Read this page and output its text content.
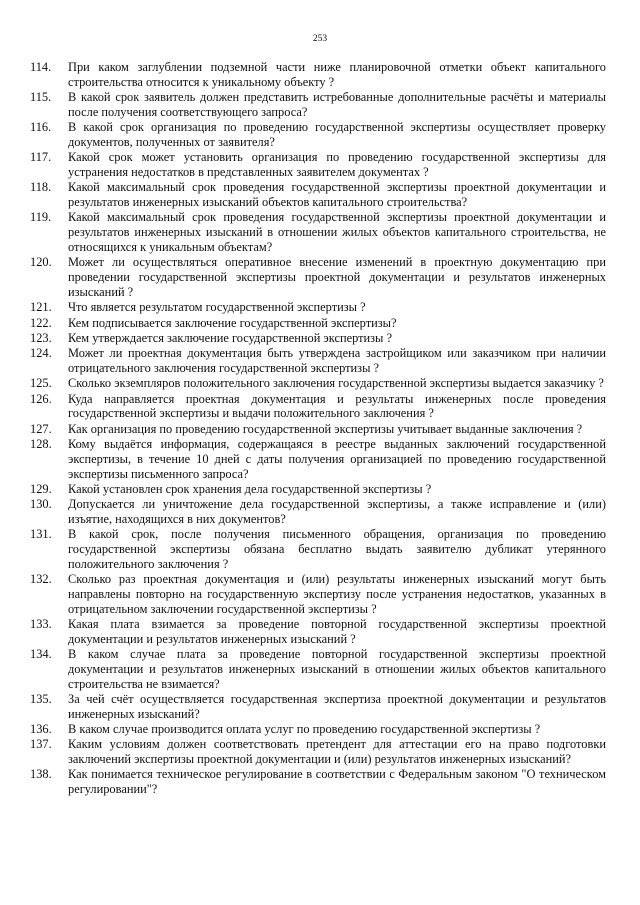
253
114.	При каком заглублении подземной части ниже планировочной отметки объект капитального строительства относится к уникальному объекту ?
115.	В какой срок заявитель должен представить истребованные дополнительные расчёты и материалы после получения соответствующего запроса?
116.	В какой срок организация по проведению государственной экспертизы осуществляет проверку документов, полученных от заявителя?
117.	Какой срок может установить организация по проведению государственной экспертизы для устранения недостатков в представленных заявителем документах ?
118.	Какой максимальный срок проведения государственной экспертизы проектной документации и результатов инженерных изысканий объектов капитального строительства?
119.	Какой максимальный срок проведения государственной экспертизы проектной документации и результатов инженерных изысканий в отношении жилых объектов капитального строительства, не относящихся к уникальным объектам?
120.	Может ли осуществляться оперативное внесение изменений в проектную документацию при проведении государственной экспертизы проектной документации и результатов инженерных изысканий ?
121.	Что является результатом государственной экспертизы ?
122.	Кем подписывается заключение государственной экспертизы?
123.	Кем утверждается заключение государственной экспертизы ?
124.	Может ли проектная документация быть утверждена застройщиком или заказчиком при наличии отрицательного заключения государственной экспертизы ?
125.	Сколько экземпляров положительного заключения государственной экспертизы выдается заказчику ?
126.	Куда направляется проектная документация и результаты инженерных после проведения государственной экспертизы и выдачи положительного заключения ?
127.	Как организация по проведению государственной экспертизы учитывает выданные заключения ?
128.	Кому выдаётся информация, содержащаяся в реестре выданных заключений государственной экспертизы, в течение 10 дней с даты получения организацией по проведению государственной экспертизы письменного запроса?
129.	Какой установлен срок хранения дела государственной экспертизы ?
130.	Допускается ли уничтожение дела государственной экспертизы, а также исправление и (или) изъятие, находящихся в них документов?
131.	В какой срок, после получения письменного обращения, организация по проведению государственной экспертизы обязана бесплатно выдать заявителю дубликат утерянного положительного заключения ?
132.	Сколько раз проектная документация и (или) результаты инженерных изысканий могут быть направлены повторно на государственную экспертизу после устранения недостатков, указанных в отрицательном заключении государственной экспертизы ?
133.	Какая плата взимается за проведение повторной государственной экспертизы проектной документации и результатов инженерных изысканий ?
134.	В каком случае плата за проведение повторной государственной экспертизы проектной документации и результатов инженерных изысканий в отношении жилых объектов капитального строительства не взимается?
135.	За чей счёт осуществляется государственная экспертиза проектной документации и результатов инженерных изысканий?
136.	В каком случае производится оплата услуг по проведению государственной экспертизы ?
137.	Каким условиям должен соответствовать претендент для аттестации его на право подготовки заключений экспертизы проектной документации и (или) результатов инженерных изысканий?
138.	Как понимается техническое регулирование в соответствии с Федеральным законом "О техническом регулировании"?
